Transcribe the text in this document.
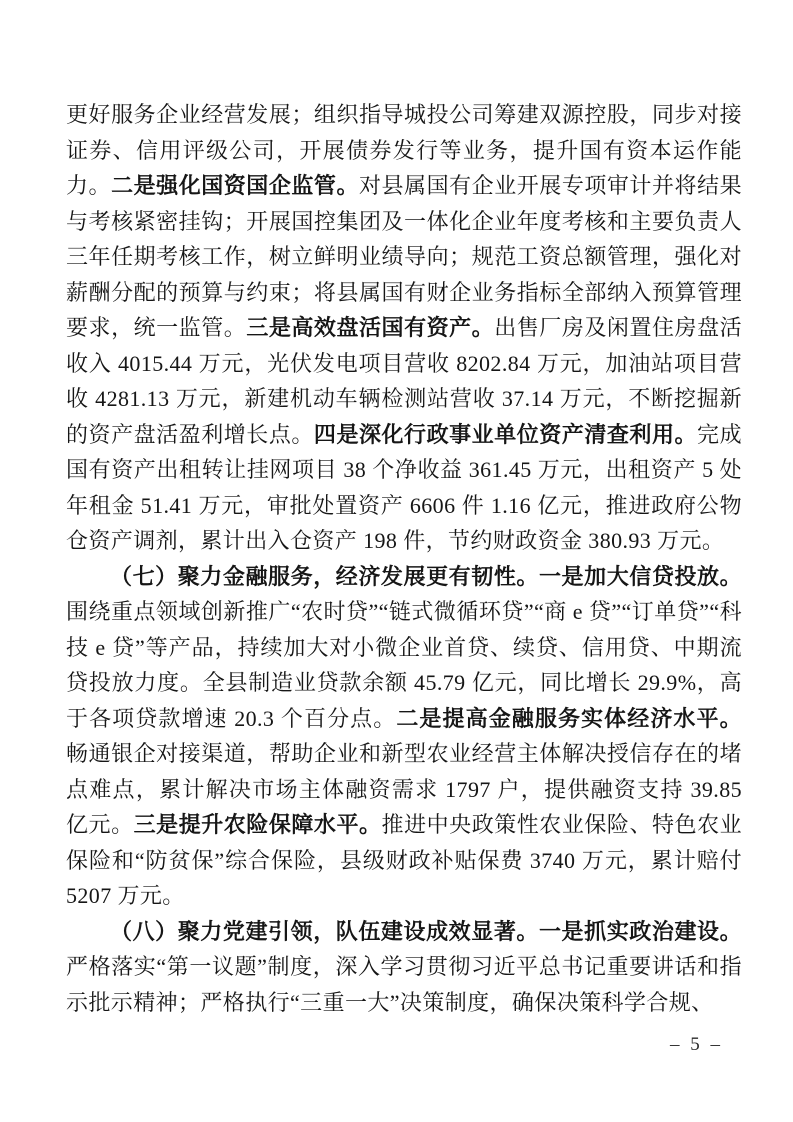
更好服务企业经营发展；组织指导城投公司筹建双源控股，同步对接证券、信用评级公司，开展债券发行等业务，提升国有资本运作能力。二是强化国资国企监管。对县属国有企业开展专项审计并将结果与考核紧密挂钩；开展国控集团及一体化企业年度考核和主要负责人三年任期考核工作，树立鲜明业绩导向；规范工资总额管理，强化对薪酬分配的预算与约束；将县属国有财企业务指标全部纳入预算管理要求，统一监管。三是高效盘活国有资产。出售厂房及闲置住房盘活收入 4015.44 万元，光伏发电项目营收 8202.84 万元，加油站项目营收 4281.13 万元，新建机动车辆检测站营收 37.14 万元，不断挖掘新的资产盘活盈利增长点。四是深化行政事业单位资产清查利用。完成国有资产出租转让挂网项目 38 个净收益 361.45 万元，出租资产 5 处年租金 51.41 万元，审批处置资产 6606 件 1.16 亿元，推进政府公物仓资产调剂，累计出入仓资产 198 件，节约财政资金 380.93 万元。

（七）聚力金融服务，经济发展更有韧性。一是加大信贷投放。围绕重点领域创新推广“农时贷”“链式微循环贷”“商 e 贷”“订单贷”“科技 e 贷”等产品，持续加大对小微企业首贷、续贷、信用贷、中期流贷投放力度。全县制造业贷款余额 45.79 亿元，同比增长 29.9%，高于各项贷款增速 20.3 个百分点。二是提高金融服务实体经济水平。畅通银企对接渠道，帮助企业和新型农业经营主体解决授信存在的堵点难点，累计解决市场主体融资需求 1797 户，提供融资支持 39.85 亿元。三是提升农险保障水平。推进中央政策性农业保险、特色农业保险和“防贫保”综合保险，县级财政补贴保费 3740 万元，累计赔付 5207 万元。

（八）聚力党建引领，队伍建设成效显著。一是抓实政治建设。严格落实“第一议题”制度，深入学习贯彻习近平总书记重要讲话和指示批示精神；严格执行“三重一大”决策制度，确保决策科学合规、

– 5 –
